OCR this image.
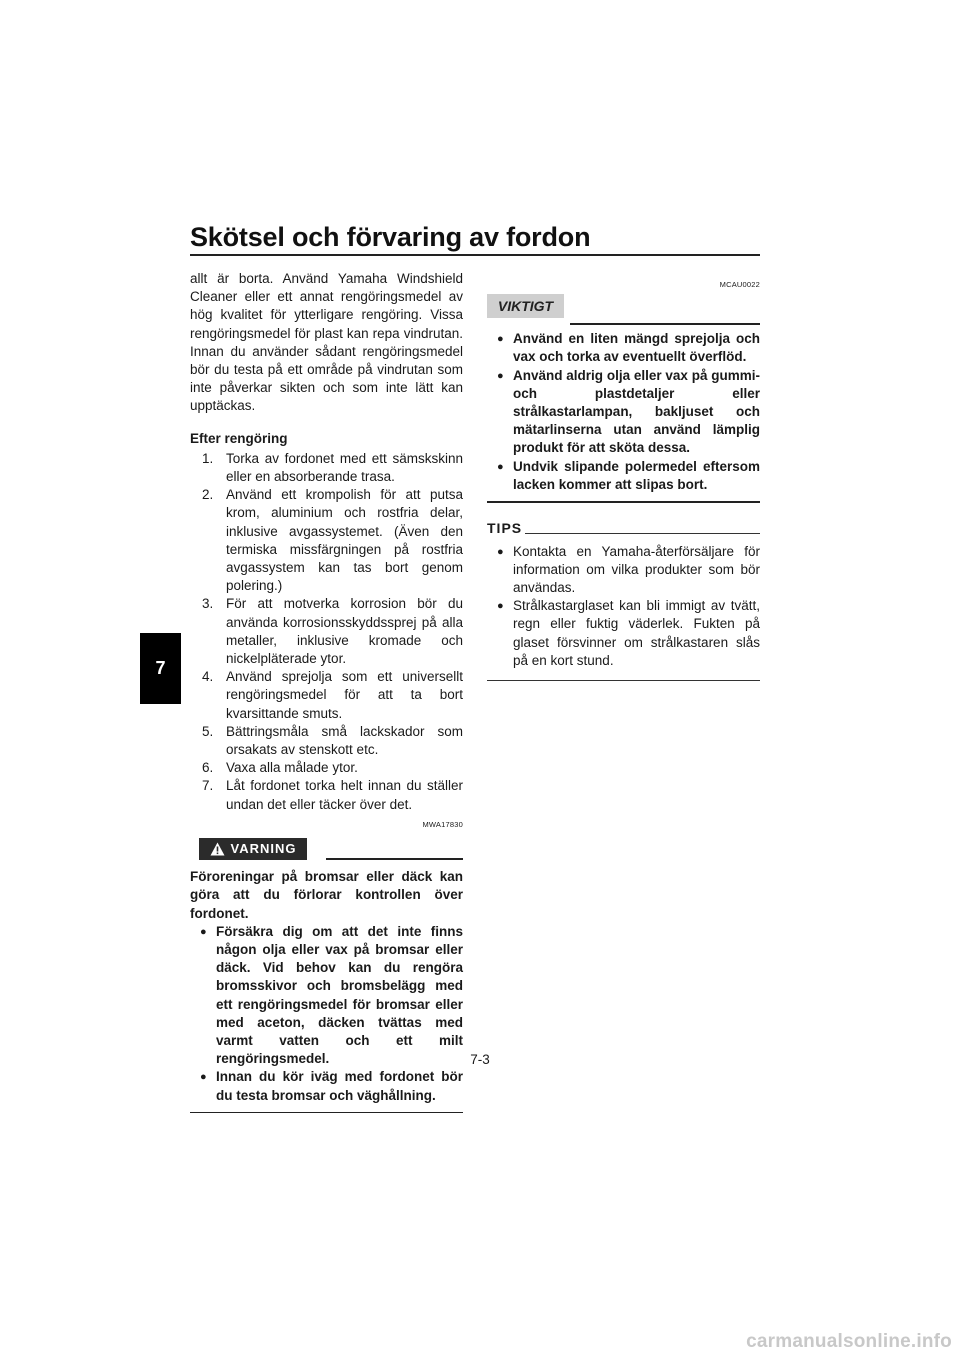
Skötsel och förvaring av fordon
7

allt är borta. Använd Yamaha Windshield Cleaner eller ett annat rengöringsmedel av hög kvalitet för ytterligare rengöring. Vissa rengöringsmedel för plast kan repa vindrutan. Innan du använder sådant rengöringsmedel bör du testa på ett område på vindrutan som inte påverkar sikten och som inte lätt kan upptäckas.

Efter rengöring

1. Torka av fordonet med ett sämskskinn eller en absorberande trasa.
2. Använd ett krompolish för att putsa krom, aluminium och rostfria delar, inklusive avgassystemet. (Även den termiska missfärgningen på rostfria avgassystem kan tas bort genom polering.)
3. För att motverka korrosion bör du använda korrosionsskyddssprej på alla metaller, inklusive kromade och nickelpläterade ytor.
4. Använd sprejolja som ett universellt rengöringsmedel för att ta bort kvarsittande smuts.
5. Bättringsmåla små lackskador som orsakats av stenskott etc.
6. Vaxa alla målade ytor.
7. Låt fordonet torka helt innan du ställer undan det eller täcker över det.
MWA17830
VARNING

Föroreningar på bromsar eller däck kan göra att du förlorar kontrollen över fordonet.

● Försäkra dig om att det inte finns någon olja eller vax på bromsar eller däck. Vid behov kan du rengöra bromsskivor och bromsbelägg med ett rengöringsmedel för bromsar eller med aceton, däcken tvättas med varmt vatten och ett milt rengöringsmedel.
● Innan du kör iväg med fordonet bör du testa bromsar och väghållning.
MCAU0022
VIKTIGT
● Använd en liten mängd sprejolja och vax och torka av eventuellt överflöd.
● Använd aldrig olja eller vax på gummi- och plastdetaljer eller strålkastarlampan, bakljuset och mätarlinserna utan använd lämplig produkt för att sköta dessa.
● Undvik slipande polermedel eftersom lacken kommer att slipas bort.
TIPS
● Kontakta en Yamaha-återförsäljare för information om vilka produkter som bör användas.
● Strålkastarglaset kan bli immigt av tvätt, regn eller fuktig väderlek. Fukten på glaset försvinner om strålkastaren slås på en kort stund.
7-3
carmanualsonline.info
